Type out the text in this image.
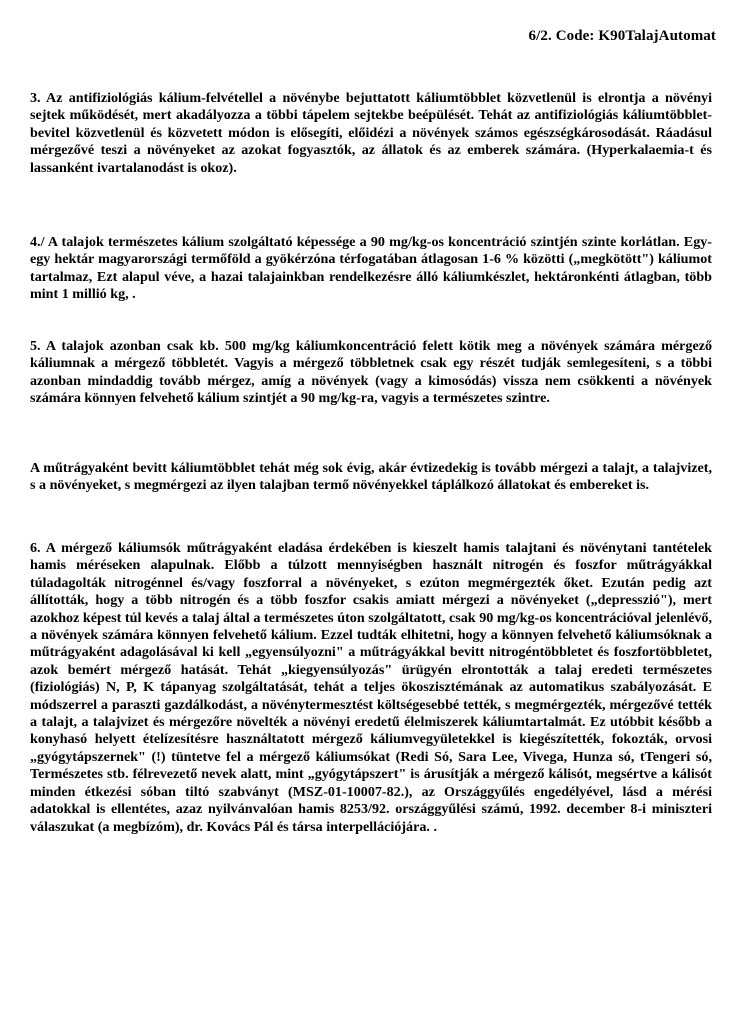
6/2. Code: K90TalajAutomat

3. Az antifiziológiás kálium-felvétellel a növénybe bejuttatott káliumtöbblet közvetlenül is elrontja a növényi sejtek működését, mert akadályozza a többi tápelem sejtekbe beépülését. Tehát az antifiziológiás káliumtöbblet-bevitel közvetlenül és közvetett módon is elősegíti, előidézi a növények számos egészségkárosodását. Ráadásul mérgezővé teszi a növényeket az azokat fogyasztók, az állatok és az emberek számára. (Hyperkalaemia-t és lassanként ivartalanodást is okoz).

4./ A talajok természetes kálium szolgáltató képessége a 90 mg/kg-os koncentráció szintjén szinte korlátlan. Egy-egy hektár magyarországi termőföld a gyökérzóna térfogatában átlagosan 1-6 % közötti („megkötött") káliumot tartalmaz, Ezt alapul véve, a hazai talajainkban rendelkezésre álló káliumkészlet, hektáronkénti átlagban, több mint 1 millió kg, .

5. A talajok azonban csak kb. 500 mg/kg káliumkoncentráció felett kötik meg a növények számára mérgező káliumnak a mérgező többletét. Vagyis a mérgező többletnek csak egy részét tudják semlegesíteni, s a többi azonban mindaddig tovább mérgez, amíg a növények (vagy a kimosódás) vissza nem csökkenti a növények számára könnyen felvehető kálium szintjét a 90 mg/kg-ra, vagyis a természetes szintre.

A műtrágyaként bevitt káliumtöbblet tehát még sok évig, akár évtizedekig is tovább mérgezi a talajt, a talajvizet, s a növényeket, s megmérgezi az ilyen talajban termő növényekkel táplálkozó állatokat és embereket is.

6. A mérgező káliumsók műtrágyaként eladása érdekében is kieszelt hamis talajtani és növénytani tantételek hamis méréseken alapulnak. Előbb a túlzott mennyiségben használt nitrogén és foszfor műtrágyákkal túladagolták nitrogénnel és/vagy foszforral a növényeket, s ezúton megmérgezték őket. Ezután pedig azt állították, hogy a több nitrogén és a több foszfor csakis amiatt mérgezi a növényeket („depresszió"), mert azokhoz képest túl kevés a talaj által a természetes úton szolgáltatott, csak 90 mg/kg-os koncentrációval jelenlévő, a növények számára könnyen felvehető kálium. Ezzel tudták elhitetni, hogy a könnyen felvehető káliumsóknak a műtrágyaként adagolásával ki kell „egyensúlyozni" a műtrágyákkal bevitt nitrogéntöbbletet és foszfortöbbletet, azok bemért mérgező hatását. Tehát „kiegyensúlyozás" ürügyén elrontották a talaj eredeti természetes (fiziológiás) N, P, K tápanyag szolgáltatását, tehát a teljes ökoszisztémának az automatikus szabályozását. E módszerrel a paraszti gazdálkodást, a növénytermesztést költségesebbé tették, s megmérgezték, mérgezővé tették a talajt, a talajvizet és mérgezőre növelték a növényi eredetű élelmiszerek káliumtartalmát. Ez utóbbit később a konyhasó helyett ételízesítésre használtatott mérgező káliumvegyületekkel is kiegészítették, fokozták, orvosi „gyógytápszernek" (!) tüntetve fel a mérgező káliumsókat (Redi Só, Sara Lee, Vivega, Hunza só, tTengeri só, Természetes stb. félrevezető nevek alatt, mint „gyógytápszert" is árusítják a mérgező kálisót, megsértve a kálisót minden étkezési sóban tiltó szabványt (MSZ-01-10007-82.), az Országgyűlés engedélyével, lásd a mérési adatokkal is ellentétes, azaz nyilvánvalóan hamis 8253/92. országgyűlési számú, 1992. december 8-i miniszteri válaszukat (a megbízóm), dr. Kovács Pál és társa interpellációjára. .
